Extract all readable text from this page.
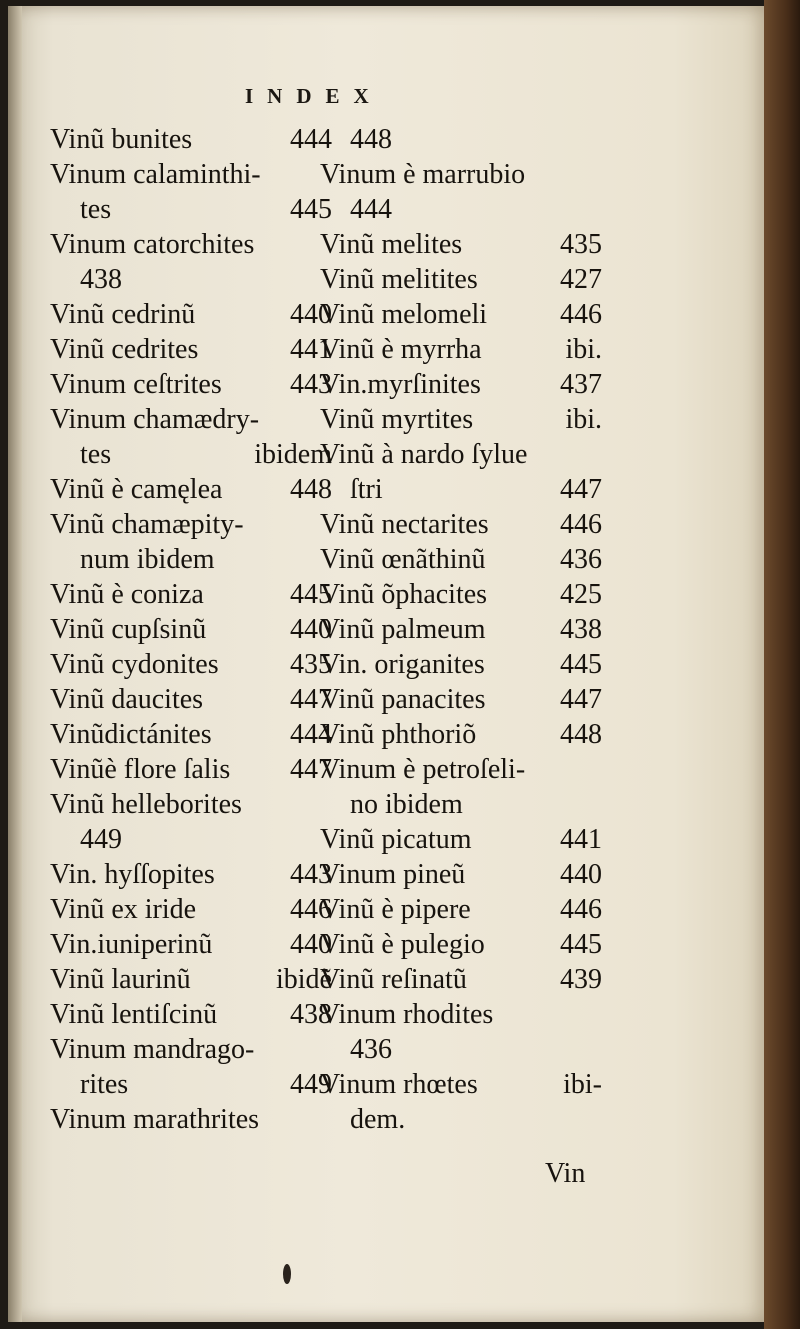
INDEX
Vinũ bunites	444
Vinum calaminthi-
tes	445
Vinum catorchites
438
Vinũ cedrinũ	440
Vinũ cedrites	441
Vinum ceſtrites 443
Vinum chamædry-
tes	ibidem
Vinũ è camęlea 448
Vinũ chamæpity-
num ibidem
Vinũ è coniza	445
Vinũ cupſsinũ	440
Vinũ cydonites	435
Vinũ daucites	447
Vinũdictánites	444
Vinũè flore ſalis 447
Vinũ helleborites
449
Vin. hyſſopites	443
Vinũ ex iride	446
Vin.iuniperinũ	440
Vinũ laurinũ	ibidẽ
Vinũ lentiſcinũ	438
Vinum mandrago-
rites	449
Vinum marathrites
448
Vinum è marrubio
444
Vinũ melites	435
Vinũ melitites	427
Vinũ melomeli	446
Vinũ è myrrha	ibi.
Vin.myrſinites	437
Vinũ myrtites	ibi.
Vinũ à nardo ſylue
ſtri	447
Vinũ nectarites	446
Vinũ œnãthinũ	436
Vinũ õphacites	425
Vinũ palmeum	438
Vin. origanites	445
Vinũ panacites	447
Vinũ phthoriõ	448
Vinum è petroſeli-
no ibidem
Vinũ picatum	441
Vinum pineũ	440
Vinũ è pipere	446
Vinũ è pulegio	445
Vinũ reſinatũ	439
Vinum rhodites
436
Vinum rhœtes	ibi-
dem.
Vin
